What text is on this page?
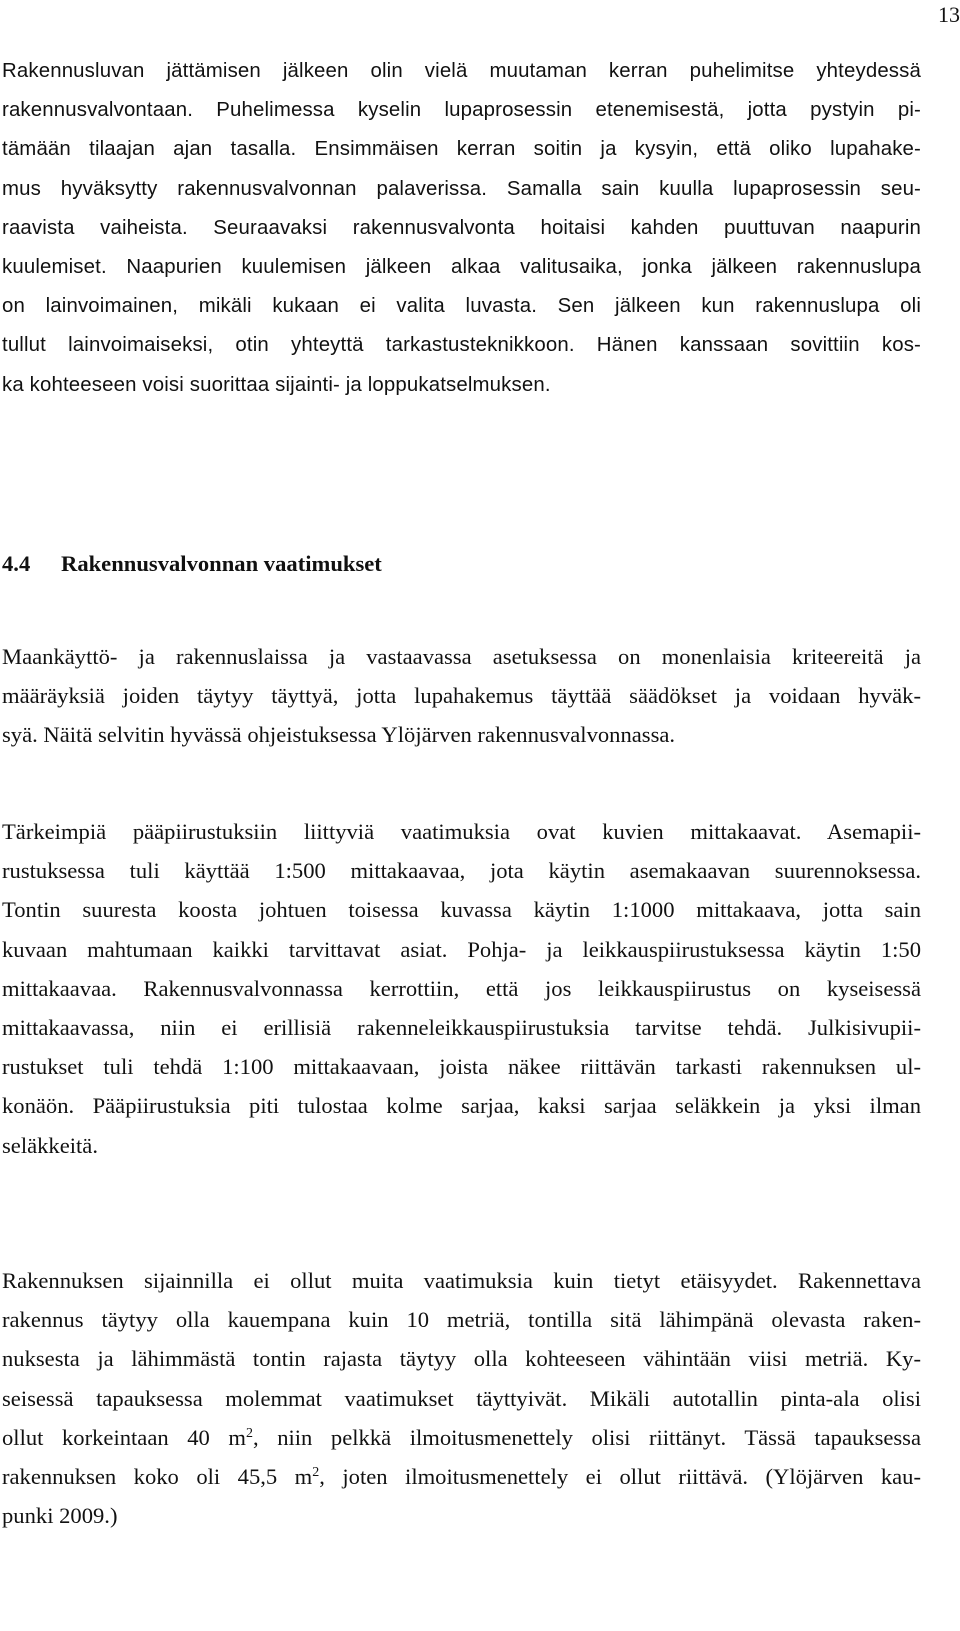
13

Rakennusluvan jättämisen jälkeen olin vielä muutaman kerran puhelimitse yhteydessä
rakennusvalvontaan. Puhelimessa kyselin lupaprosessin etenemisestä, jotta pystyin pi-
tämään tilaajan ajan tasalla. Ensimmäisen kerran soitin ja kysyin, että oliko lupahake-
mus hyväksytty rakennusvalvonnan palaverissa. Samalla sain kuulla lupaprosessin seu-
raavista vaiheista. Seuraavaksi rakennusvalvonta hoitaisi kahden puuttuvan naapurin
kuulemiset. Naapurien kuulemisen jälkeen alkaa valitusaika, jonka jälkeen rakennuslupa
on lainvoimainen, mikäli kukaan ei valita luvasta. Sen jälkeen kun rakennuslupa oli
tullut lainvoimaiseksi, otin yhteyttä tarkastusteknikkoon. Hänen kanssaan sovittiin kos-
ka kohteeseen voisi suorittaa sijainti- ja loppukatselmuksen.

4.4 Rakennusvalvonnan vaatimukset

Maankäyttö- ja rakennuslaissa ja vastaavassa asetuksessa on monenlaisia kriteereitä ja
määräyksiä joiden täytyy täyttyä, jotta lupahakemus täyttää säädökset ja voidaan hyväk-
syä. Näitä selvitin hyvässä ohjeistuksessa Ylöjärven rakennusvalvonnassa.

Tärkeimpiä pääpiirustuksiin liittyviä vaatimuksia ovat kuvien mittakaavat. Asemapii-
rustuksessa tuli käyttää 1:500 mittakaavaa, jota käytin asemakaavan suurennoksessa.
Tontin suuresta koosta johtuen toisessa kuvassa käytin 1:1000 mittakaava, jotta sain
kuvaan mahtumaan kaikki tarvittavat asiat. Pohja- ja leikkauspiirustuksessa käytin 1:50
mittakaavaa. Rakennusvalvonnassa kerrottiin, että jos leikkauspiirustus on kyseisessä
mittakaavassa, niin ei erillisiä rakenneleikkauspiirustuksia tarvitse tehdä. Julkisivupii-
rustukset tuli tehdä 1:100 mittakaavaan, joista näkee riittävän tarkasti rakennuksen ul-
konäön. Pääpiirustuksia piti tulostaa kolme sarjaa, kaksi sarjaa seläkkein ja yksi ilman
seläkkeitä.

Rakennuksen sijainnilla ei ollut muita vaatimuksia kuin tietyt etäisyydet. Rakennettava
rakennus täytyy olla kauempana kuin 10 metriä, tontilla sitä lähimpänä olevasta raken-
nuksesta ja lähimmästä tontin rajasta täytyy olla kohteeseen vähintään viisi metriä. Ky-
seisessä tapauksessa molemmat vaatimukset täyttyivät. Mikäli autotallin pinta-ala olisi
ollut korkeintaan 40 $m^2$, niin pelkkä ilmoitusmenettely olisi riittänyt. Tässä tapauksessa
rakennuksen koko oli 45,5 $m^2$, joten ilmoitusmenettely ei ollut riittävä. (Ylöjärven kau-
punki 2009.)
